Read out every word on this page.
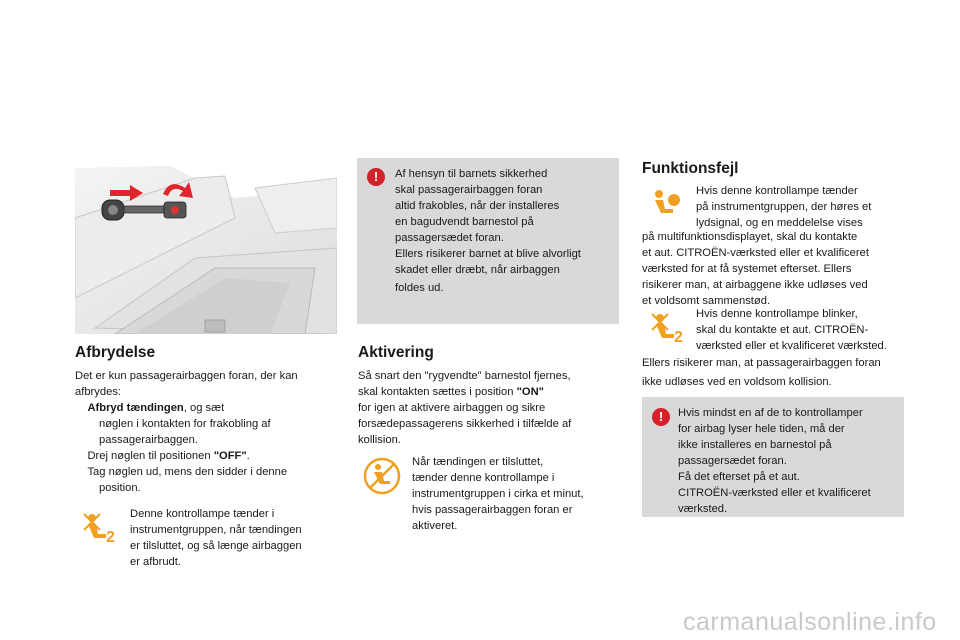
!	Af hensyn til barnets sikkerhed
skal passagerairbaggen foran
altid frakobles, når der installeres
en bagudvendt barnestol på
passagersædet foran.
Ellers risikerer barnet at blive alvorligt
skadet eller dræbt, når airbaggen
foldes ud.
Afbrydelse
Det er kun passagerairbaggen foran, der kan
afbrydes:
Afbryd tændingen, og sæt
nøglen i kontakten for frakobling af
passagerairbaggen.
Drej nøglen til positionen "OFF".
Tag nøglen ud, mens den sidder i denne
position.
2
Denne kontrollampe tænder i
instrumentgruppen, når tændingen
er tilsluttet, og så længe airbaggen
er afbrudt.
Aktivering
Så snart den "rygvendte" barnestol fjernes,
skal kontakten sættes i position "ON"
for igen at aktivere airbaggen og sikre
forsædepassagerens sikkerhed i tilfælde af
kollision.
Når tændingen er tilsluttet,
tænder denne kontrollampe i
instrumentgruppen i cirka et minut,
hvis passagerairbaggen foran er
aktiveret.
Funktionsfejl
Hvis denne kontrollampe tænder
på instrumentgruppen, der høres et
lydsignal, og en meddelelse vises
på multifunktionsdisplayet, skal du kontakte
et aut. CITROËN-værksted eller et kvalificeret
værksted for at få systemet efterset. Ellers
risikerer man, at airbaggene ikke udløses ved
et voldsomt sammenstød.
2
Hvis denne kontrollampe blinker,
skal du kontakte et aut. CITROËN-
værksted eller et kvalificeret værksted.
Ellers risikerer man, at passagerairbaggen foran
ikke udløses ved en voldsom kollision.
!	Hvis mindst en af de to kontrollamper
for airbag lyser hele tiden, må der
ikke installeres en barnestol på
passagersædet foran.
Få det efterset på et aut.
CITROËN-værksted eller et kvalificeret
værksted.
carmanualsonline.info
